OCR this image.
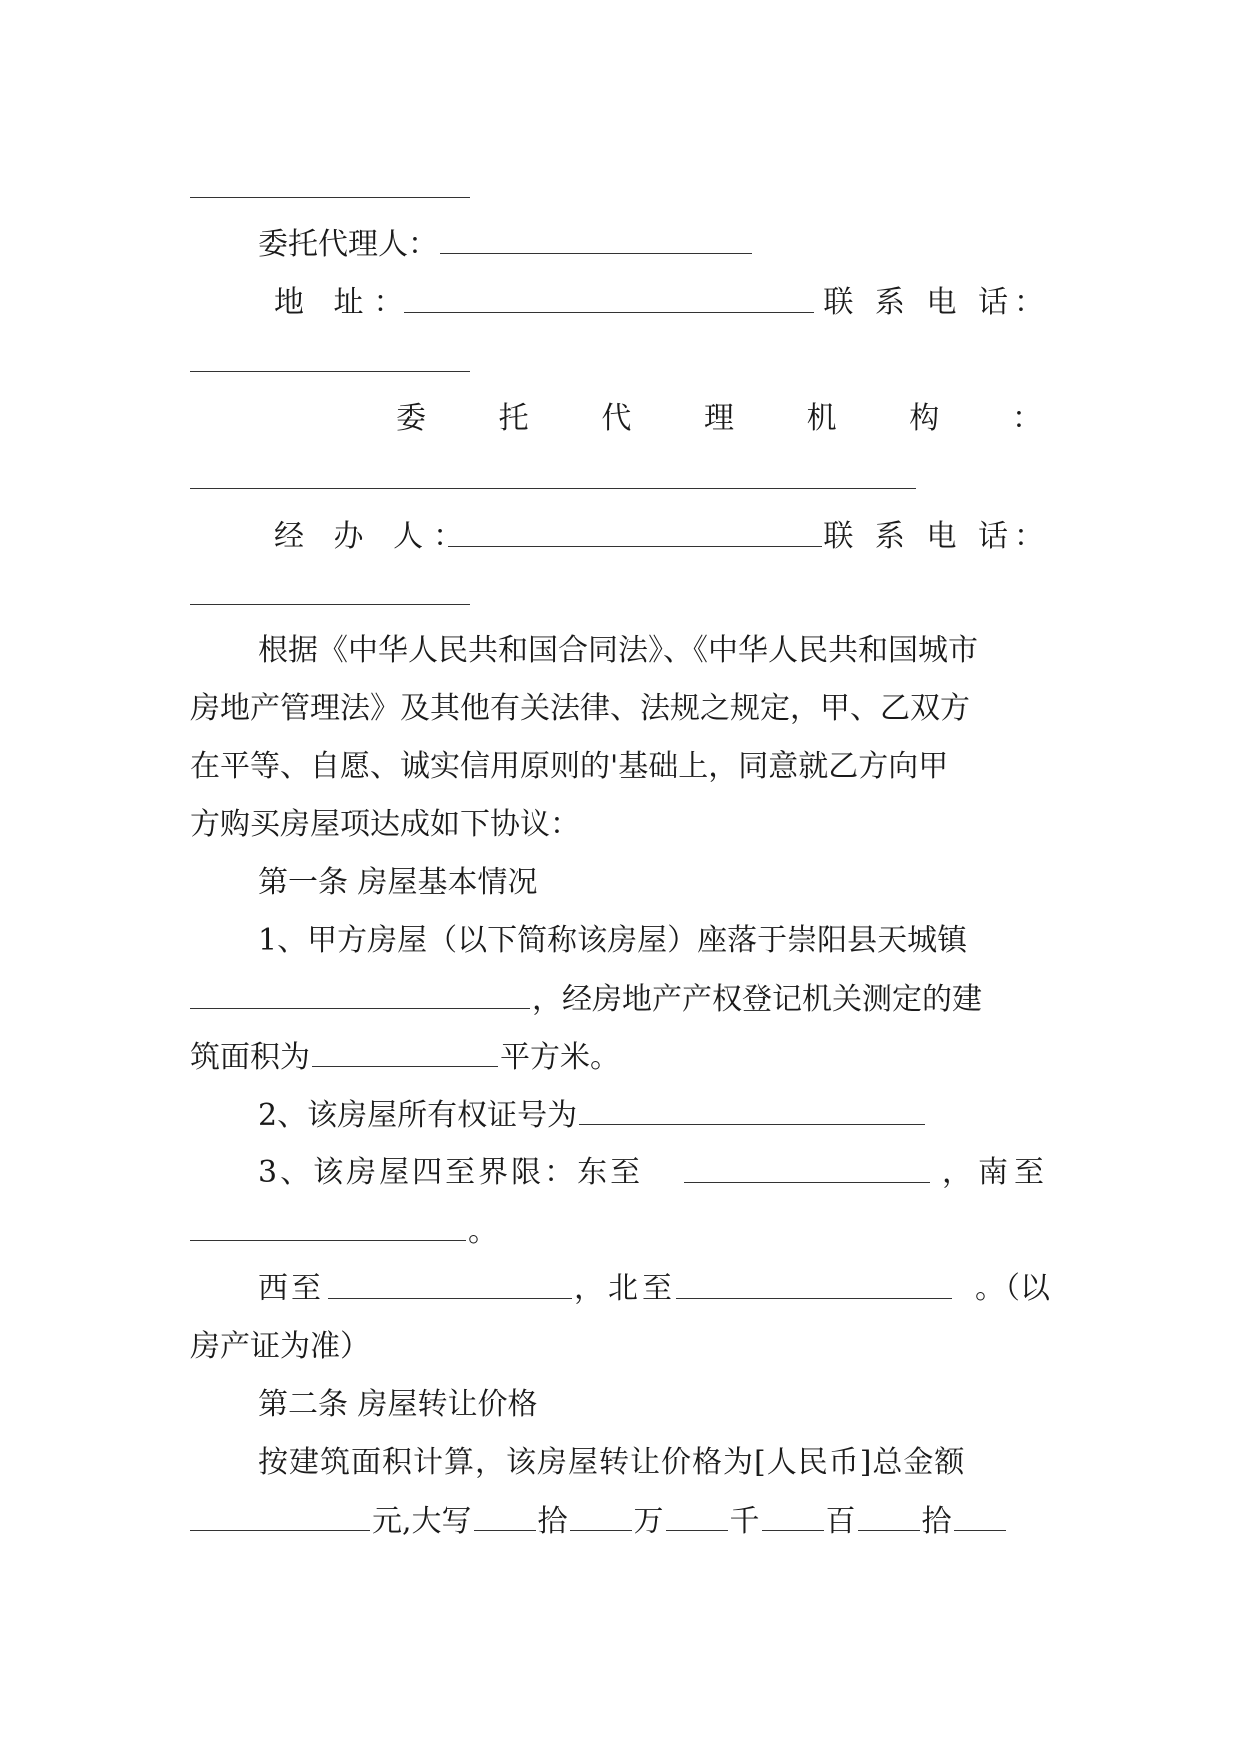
委托代理人：
地 址：	联 系 电 话：
委 托 代 理 机 构 ：
经 办 人：	联 系 电 话：
根据《中华人民共和国合同法》、《中华人民共和国城市
房地产管理法》及其他有关法律、法规之规定，甲、乙双方
在平等、自愿、诚实信用原则的'基础上，同意就乙方向甲
方购买房屋项达成如下协议：
第一条 房屋基本情况
1、甲方房屋（以下简称该房屋）座落于崇阳县天城镇
，经房地产产权登记机关测定的建
筑面积为	平方米。
2、该房屋所有权证号为
3、该房屋四至界限：东至	，南至
。
西至	，北至	。（以
房产证为准）
第二条 房屋转让价格
按建筑面积计算，该房屋转让价格为[人民币]总金额
元,大写 拾 万 千 百 拾
